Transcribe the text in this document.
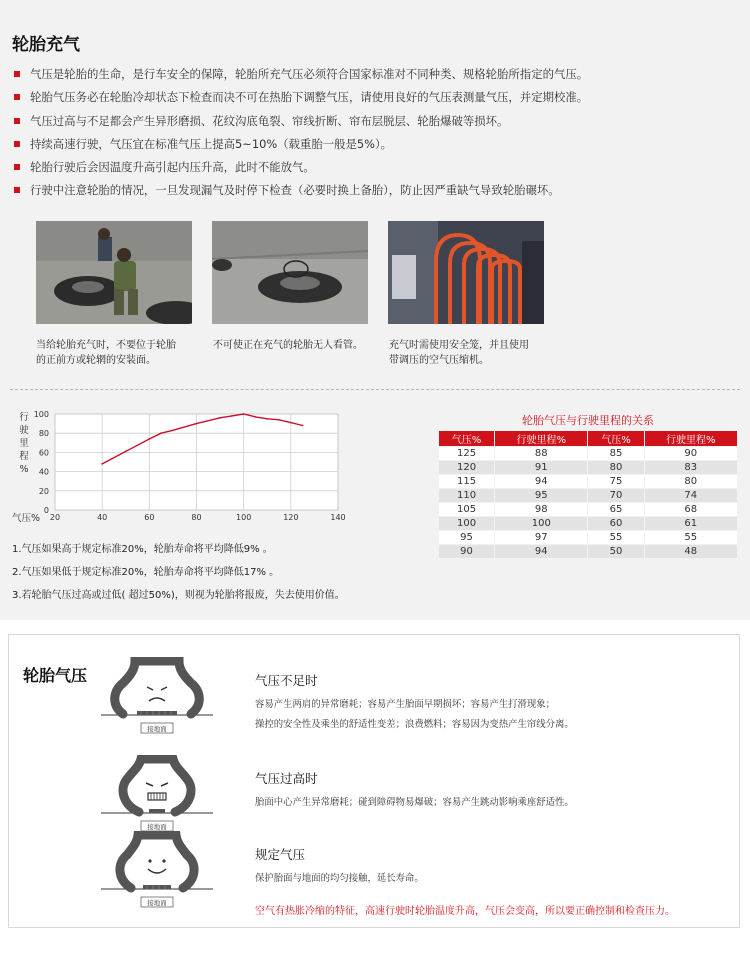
轮胎充气
气压是轮胎的生命，是行车安全的保障，轮胎所充气压必须符合国家标准对不同种类、规格轮胎所指定的气压。
轮胎气压务必在轮胎冷却状态下检查而决不可在热胎下调整气压，请使用良好的气压表测量气压，并定期校准。
气压过高与不足都会产生异形磨损、花纹沟底龟裂、帘线折断、帘布层脱层、轮胎爆破等损坏。
持续高速行驶，气压宜在标准气压上提高5~10%（载重胎一般是5%）。
轮胎行驶后会因温度升高引起内压升高，此时不能放气。
行驶中注意轮胎的情况，一旦发现漏气及时停下检查（必要时换上备胎），防止因严重缺气导致轮胎碾坏。
当给轮胎充气时，不要位于轮胎
的正前方或轮辋的安装面。
不可使正在充气的轮胎无人看管。	充气时需使用安全笼，并且使用
带调压的空气压缩机。
0
20
40
60
80
100
20	40	60	80	100	120	140
行
驶
里
程
%
气压%
1.气压如果高于规定标准20%，轮胎寿命将平均降低9% 。
2.气压如果低于规定标准20%，轮胎寿命将平均降低17% 。
3.若轮胎气压过高或过低( 超过50%)，则视为轮胎将报废，失去使用价值。
轮胎气压与行驶里程的关系
气压%	行驶里程%	气压%	行驶里程%
125	88	85	90
120	91	80	83
115	94	75	80
110	95	70	74
105	98	65	68
100	100	60	61
95	97	55	55
90	94	50	48
轮胎气压
接地面
接地面
接地面
气压不足时
容易产生两肩的异常磨耗；容易产生胎面早期损坏；容易产生打滑现象；
操控的安全性及乘坐的舒适性变差；浪费燃料；容易因为变热产生帘线分离。
气压过高时
胎面中心产生异常磨耗；碰到障碍物易爆破；容易产生跳动影响乘座舒适性。
规定气压
保护胎面与地面的均匀接触，延长寿命。
空气有热胀冷缩的特征，高速行驶时轮胎温度升高，气压会变高，所以要正确控制和检查压力。
